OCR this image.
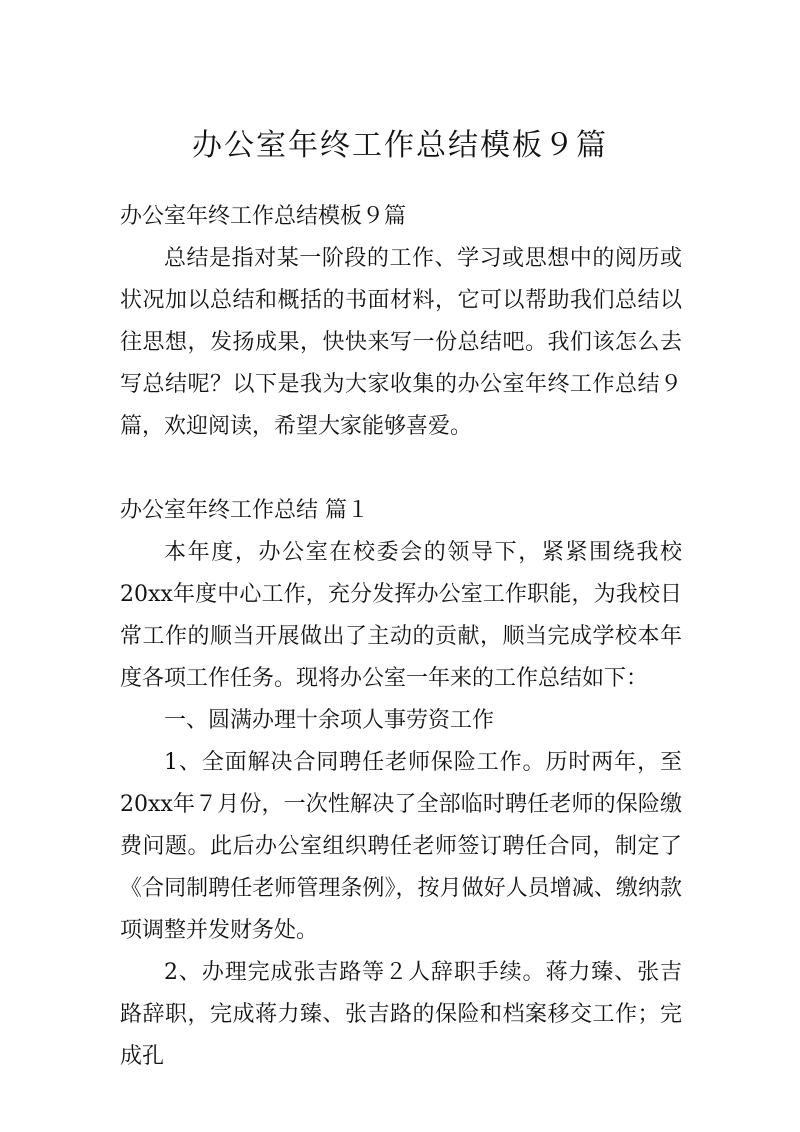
办公室年终工作总结模板９篇

办公室年终工作总结模板９篇

总结是指对某一阶段的工作、学习或思想中的阅历或状况加以总结和概括的书面材料，它可以帮助我们总结以往思想，发扬成果，快快来写一份总结吧。我们该怎么去写总结呢？以下是我为大家收集的办公室年终工作总结９篇，欢迎阅读，希望大家能够喜爱。

办公室年终工作总结 篇１

本年度，办公室在校委会的领导下，紧紧围绕我校20xx年度中心工作，充分发挥办公室工作职能，为我校日常工作的顺当开展做出了主动的贡献，顺当完成学校本年度各项工作任务。现将办公室一年来的工作总结如下：

一、圆满办理十余项人事劳资工作

1、全面解决合同聘任老师保险工作。历时两年，至20xx年７月份，一次性解决了全部临时聘任老师的保险缴费问题。此后办公室组织聘任老师签订聘任合同，制定了《合同制聘任老师管理条例》，按月做好人员增减、缴纳款项调整并发财务处。

2、办理完成张吉路等２人辞职手续。蒋力臻、张吉路辞职，完成蒋力臻、张吉路的保险和档案移交工作；完成孔
